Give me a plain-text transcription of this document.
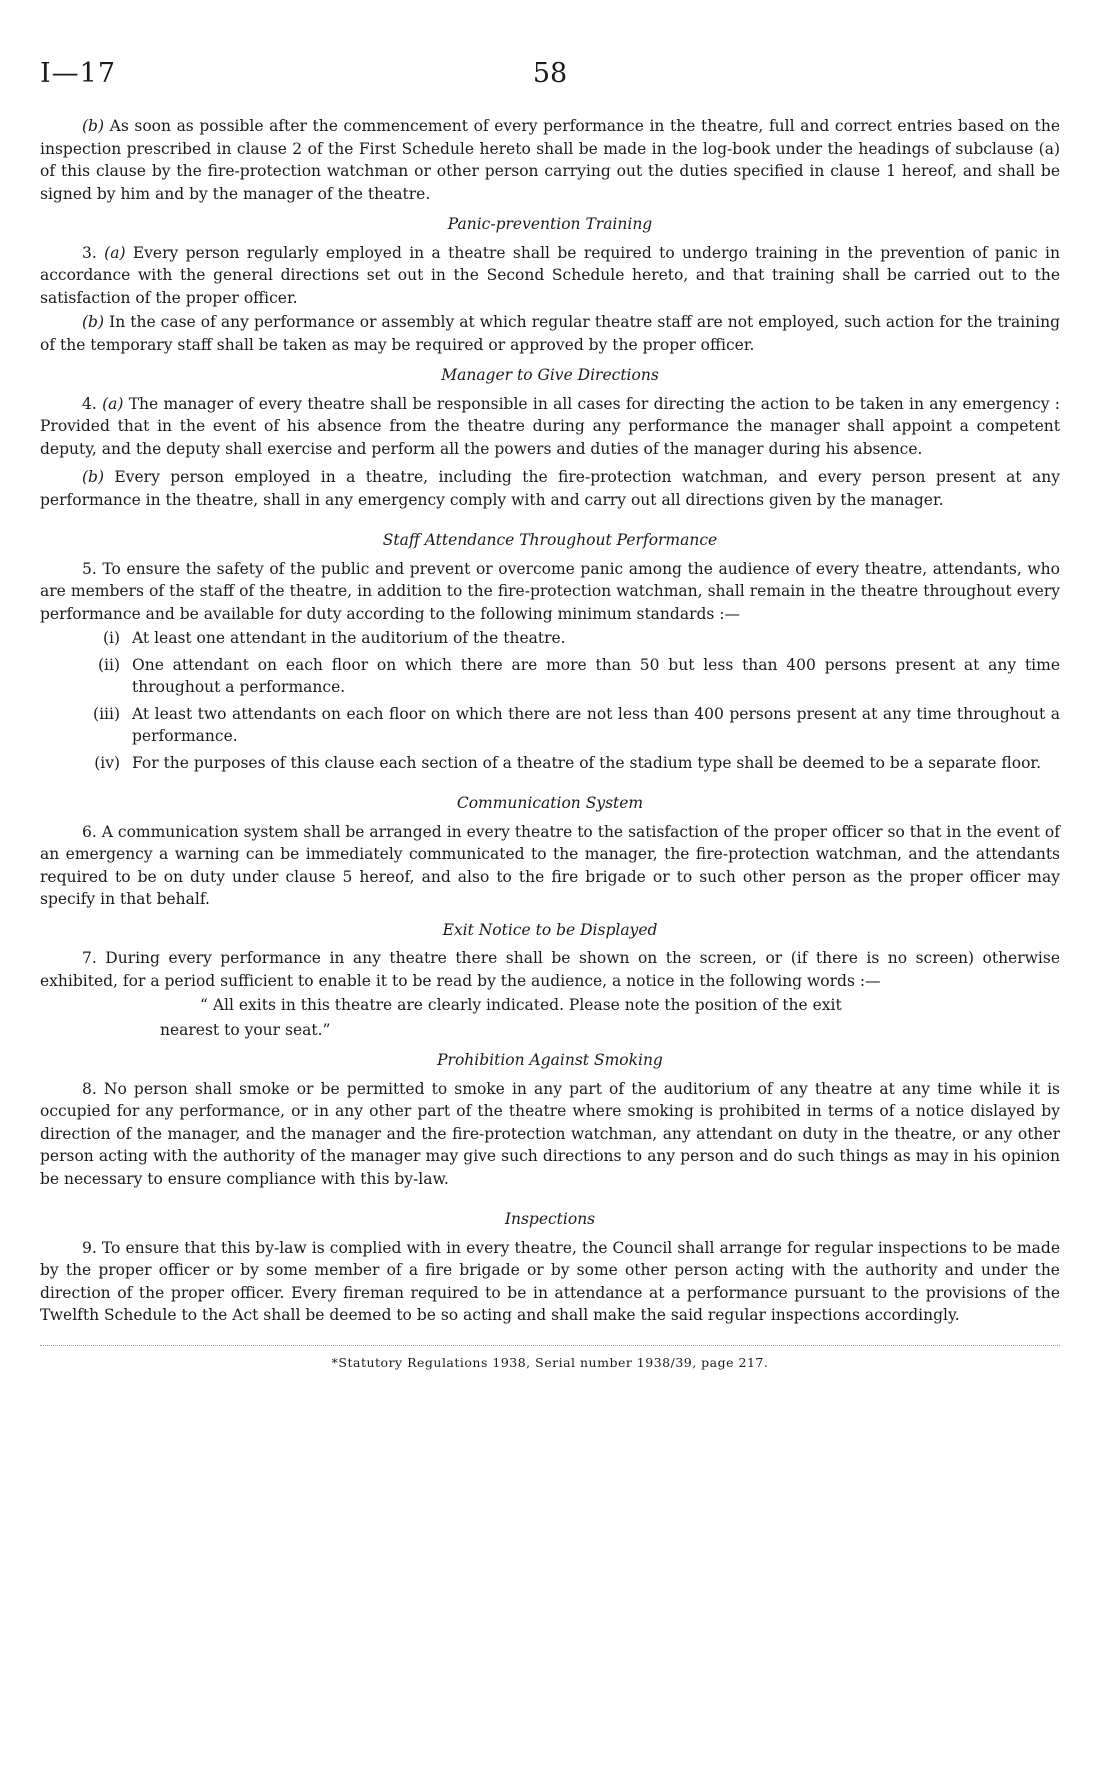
I—17	58

(b) As soon as possible after the commencement of every performance in the theatre, full and correct entries based on the inspection prescribed in clause 2 of the First Schedule hereto shall be made in the log-book under the headings of subclause (a) of this clause by the fire-protection watchman or other person carrying out the duties specified in clause 1 hereof, and shall be signed by him and by the manager of the theatre.

Panic-prevention Training

3. (a) Every person regularly employed in a theatre shall be required to undergo training in the prevention of panic in accordance with the general directions set out in the Second Schedule hereto, and that training shall be carried out to the satisfaction of the proper officer.

(b) In the case of any performance or assembly at which regular theatre staff are not employed, such action for the training of the temporary staff shall be taken as may be required or approved by the proper officer.

Manager to Give Directions

4. (a) The manager of every theatre shall be responsible in all cases for directing the action to be taken in any emergency : Provided that in the event of his absence from the theatre during any performance the manager shall appoint a competent deputy, and the deputy shall exercise and perform all the powers and duties of the manager during his absence.

(b) Every person employed in a theatre, including the fire-protection watchman, and every person present at any performance in the theatre, shall in any emergency comply with and carry out all directions given by the manager.

Staff Attendance Throughout Performance

5. To ensure the safety of the public and prevent or overcome panic among the audience of every theatre, attendants, who are members of the staff of the theatre, in addition to the fire-protection watchman, shall remain in the theatre throughout every performance and be available for duty according to the following minimum standards :—

(i) At least one attendant in the auditorium of the theatre.
(ii) One attendant on each floor on which there are more than 50 but less than 400 persons present at any time throughout a performance.
(iii) At least two attendants on each floor on which there are not less than 400 persons present at any time throughout a performance.
(iv) For the purposes of this clause each section of a theatre of the stadium type shall be deemed to be a separate floor.
Communication System

6. A communication system shall be arranged in every theatre to the satisfaction of the proper officer so that in the event of an emergency a warning can be immediately communicated to the manager, the fire-protection watchman, and the attendants required to be on duty under clause 5 hereof, and also to the fire brigade or to such other person as the proper officer may specify in that behalf.

Exit Notice to be Displayed

7. During every performance in any theatre there shall be shown on the screen, or (if there is no screen) otherwise exhibited, for a period sufficient to enable it to be read by the audience, a notice in the following words :—

“ All exits in this theatre are clearly indicated. Please note the position of the exit

nearest to your seat.”

Prohibition Against Smoking

8. No person shall smoke or be permitted to smoke in any part of the auditorium of any theatre at any time while it is occupied for any performance, or in any other part of the theatre where smoking is prohibited in terms of a notice dislayed by direction of the manager, and the manager and the fire-protection watchman, any attendant on duty in the theatre, or any other person acting with the authority of the manager may give such directions to any person and do such things as may in his opinion be necessary to ensure compliance with this by-law.

Inspections

9. To ensure that this by-law is complied with in every theatre, the Council shall arrange for regular inspections to be made by the proper officer or by some member of a fire brigade or by some other person acting with the authority and under the direction of the proper officer. Every fireman required to be in attendance at a performance pursuant to the provisions of the Twelfth Schedule to the Act shall be deemed to be so acting and shall make the said regular inspections accordingly.

*Statutory Regulations 1938, Serial number 1938/39, page 217.
